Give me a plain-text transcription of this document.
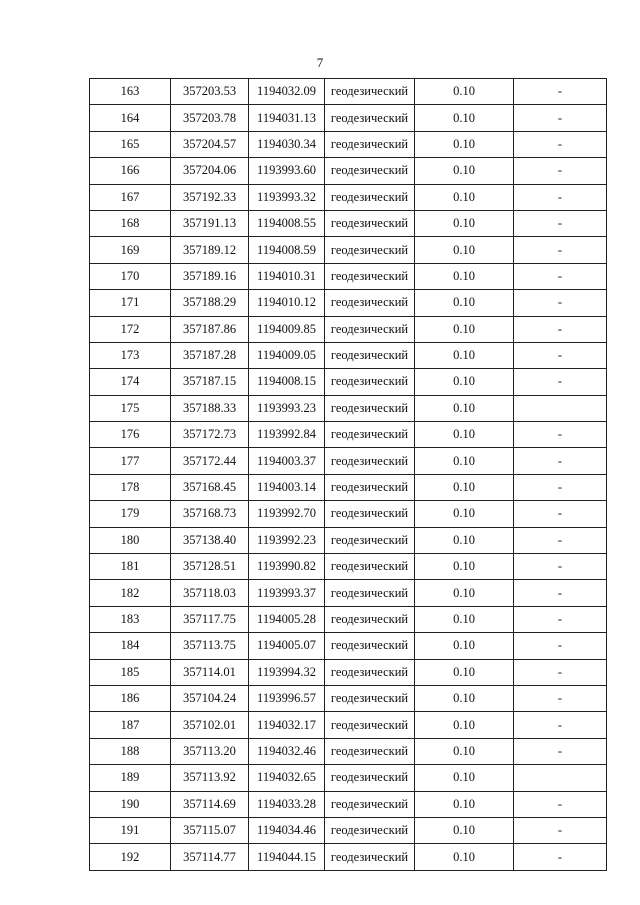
7
163	357203.53	1194032.09	геодезический	0.10	-
164	357203.78	1194031.13	геодезический	0.10	-
165	357204.57	1194030.34	геодезический	0.10	-
166	357204.06	1193993.60	геодезический	0.10	-
167	357192.33	1193993.32	геодезический	0.10	-
168	357191.13	1194008.55	геодезический	0.10	-
169	357189.12	1194008.59	геодезический	0.10	-
170	357189.16	1194010.31	геодезический	0.10	-
171	357188.29	1194010.12	геодезический	0.10	-
172	357187.86	1194009.85	геодезический	0.10	-
173	357187.28	1194009.05	геодезический	0.10	-
174	357187.15	1194008.15	геодезический	0.10	-
175	357188.33	1193993.23	геодезический	0.10	
176	357172.73	1193992.84	геодезический	0.10	-
177	357172.44	1194003.37	геодезический	0.10	-
178	357168.45	1194003.14	геодезический	0.10	-
179	357168.73	1193992.70	геодезический	0.10	-
180	357138.40	1193992.23	геодезический	0.10	-
181	357128.51	1193990.82	геодезический	0.10	-
182	357118.03	1193993.37	геодезический	0.10	-
183	357117.75	1194005.28	геодезический	0.10	-
184	357113.75	1194005.07	геодезический	0.10	-
185	357114.01	1193994.32	геодезический	0.10	-
186	357104.24	1193996.57	геодезический	0.10	-
187	357102.01	1194032.17	геодезический	0.10	-
188	357113.20	1194032.46	геодезический	0.10	-
189	357113.92	1194032.65	геодезический	0.10	
190	357114.69	1194033.28	геодезический	0.10	-
191	357115.07	1194034.46	геодезический	0.10	-
192	357114.77	1194044.15	геодезический	0.10	-
